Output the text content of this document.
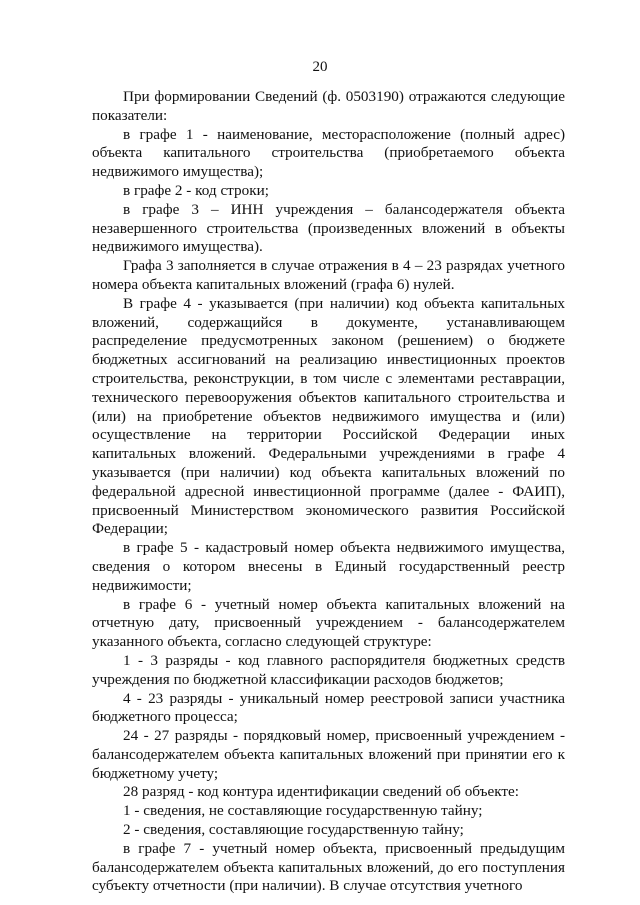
20

При формировании Сведений (ф. 0503190) отражаются следующие показатели:

в графе 1 - наименование, месторасположение (полный адрес) объекта капитального строительства (приобретаемого объекта недвижимого имущества);

в графе 2 - код строки;

в графе 3 – ИНН учреждения – балансодержателя объекта незавершенного строительства (произведенных вложений в объекты недвижимого имущества).

Графа 3 заполняется в случае отражения в 4 – 23 разрядах учетного номера объекта капитальных вложений (графа 6) нулей.

В графе 4 - указывается (при наличии) код объекта капитальных вложений, содержащийся в документе, устанавливающем распределение предусмотренных законом (решением) о бюджете бюджетных ассигнований на реализацию инвестиционных проектов строительства, реконструкции, в том числе с элементами реставрации, технического перевооружения объектов капитального строительства и (или) на приобретение объектов недвижимого имущества и (или) осуществление на территории Российской Федерации иных капитальных вложений. Федеральными учреждениями в графе 4 указывается (при наличии) код объекта капитальных вложений по федеральной адресной инвестиционной программе (далее - ФАИП), присвоенный Министерством экономического развития Российской Федерации;

в графе 5 - кадастровый номер объекта недвижимого имущества, сведения о котором внесены в Единый государственный реестр недвижимости;

в графе 6 - учетный номер объекта капитальных вложений на отчетную дату, присвоенный учреждением - балансодержателем указанного объекта, согласно следующей структуре:

1 - 3 разряды - код главного распорядителя бюджетных средств учреждения по бюджетной классификации расходов бюджетов;

4 - 23 разряды - уникальный номер реестровой записи участника бюджетного процесса;

24 - 27 разряды - порядковый номер, присвоенный учреждением - балансодержателем объекта капитальных вложений при принятии его к бюджетному учету;

28 разряд - код контура идентификации сведений об объекте:

1 - сведения, не составляющие государственную тайну;

2 - сведения, составляющие государственную тайну;

в графе 7 - учетный номер объекта, присвоенный предыдущим балансодержателем объекта капитальных вложений, до его поступления субъекту отчетности (при наличии). В случае отсутствия учетного
